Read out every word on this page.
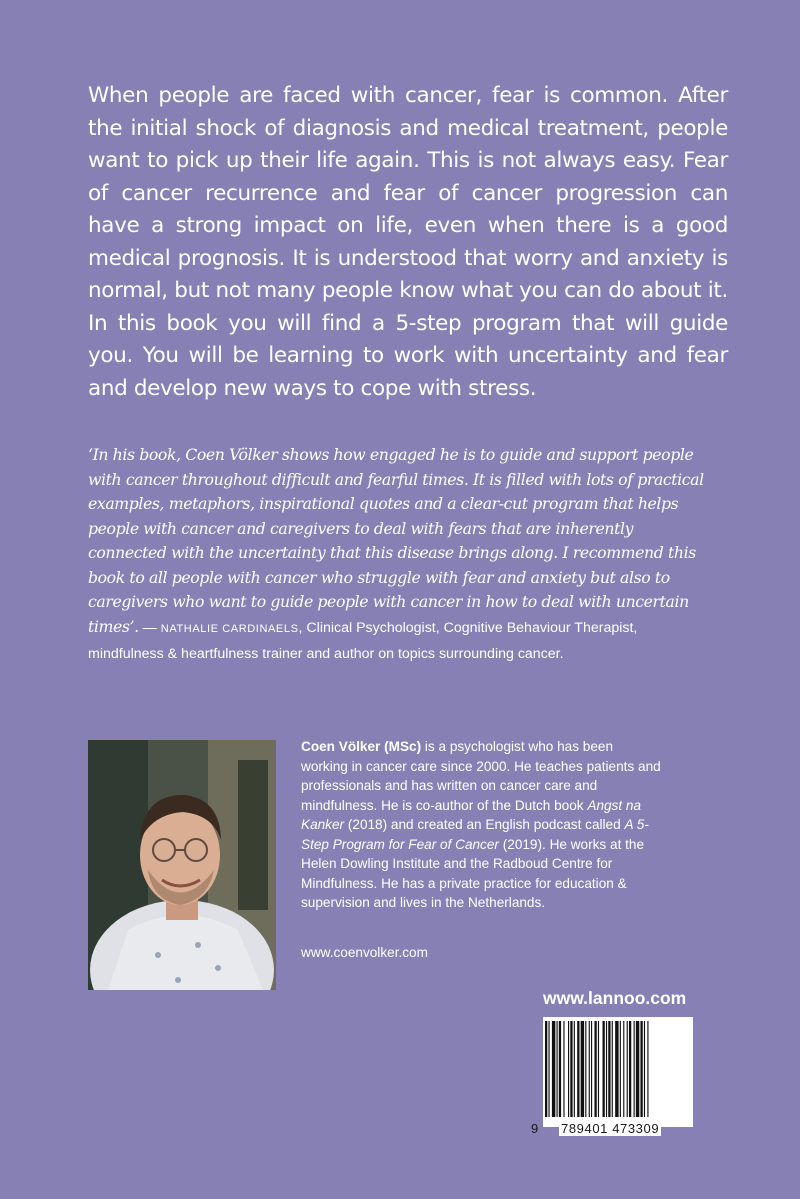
When people are faced with cancer, fear is common. After the initial shock of diagnosis and medical treatment, people want to pick up their life again. This is not always easy. Fear of cancer recurrence and fear of cancer progression can have a strong impact on life, even when there is a good medical prognosis. It is understood that worry and anxiety is normal, but not many people know what you can do about it. In this book you will find a 5-step program that will guide you. You will be learning to work with uncertainty and fear and develop new ways to cope with stress.

‘In his book, Coen Völker shows how engaged he is to guide and support people with cancer throughout difficult and fearful times. It is filled with lots of practical examples, metaphors, inspirational quotes and a clear-cut program that helps people with cancer and caregivers to deal with fears that are inherently connected with the uncertainty that this disease brings along. I recommend this book to all people with cancer who struggle with fear and anxiety but also to caregivers who want to guide people with cancer in how to deal with uncertain times’. — NATHALIE CARDINAELS, Clinical Psychologist, Cognitive Behaviour Therapist, mindfulness & heartfulness trainer and author on topics surrounding cancer.

Coen Völker (MSc) is a psychologist who has been working in cancer care since 2000. He teaches patients and professionals and has written on cancer care and mindfulness. He is co-author of the Dutch book Angst na Kanker (2018) and created an English podcast called A 5-Step Program for Fear of Cancer (2019). He works at the Helen Dowling Institute and the Radboud Centre for Mindfulness. He has a private practice for education & supervision and lives in the Netherlands.

www.coenvolker.com
www.lannoo.com
9 789401 473309
